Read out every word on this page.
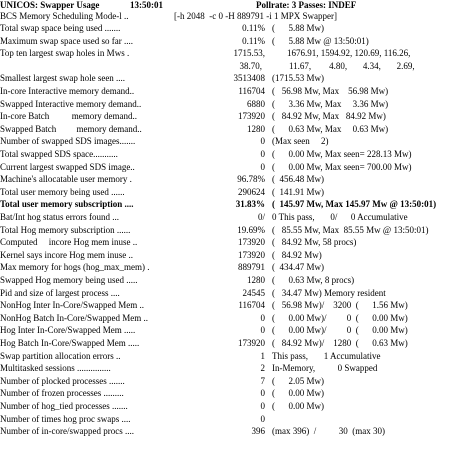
UNICOS: Swapper Usage

	13:50:01

	Pollrate: 3 Passes: INDEF

BCS Memory Scheduling Mode-l ..

	[-h 2048  -c 0 -H 889791 -i 1 MPX Swapper]

Total swap space being used .......	0.11% (      5.88 Mw)
Maximum swap space used so far ....	0.11% (      5.88 Mw @ 13:50:01)
Top ten largest swap holes in Mws .	1715.53, 1676.91, 1594.92, 120.69, 116.26,
38.70,	11.67,        4.80,       4.34,       2.69,
Smallest largest swap hole seen ....	3513408 (1715.53 Mw)
In-core Interactive memory demand..	116704 (   56.98 Mw, Max    56.98 Mw)
Swapped Interactive memory demand..	6880 (      3.36 Mw, Max     3.36 Mw)
In-core Batch          memory demand..	173920 (   84.92 Mw, Max   84.92 Mw)
Swapped Batch         memory demand..	1280 (      0.63 Mw, Max     0.63 Mw)
Number of swapped SDS images.......	0 (Max seen     2)
Total swapped SDS space...........	0 (      0.00 Mw, Max seen= 228.13 Mw)
Current largest swapped SDS image..	0 (      0.00 Mw, Max seen= 700.00 Mw)
Machine's allocatable user memory .	96.78% (  456.48 Mw)
Total user memory being used ......	290624 (  141.91 Mw)
Total user memory subscription ....	31.83% (  145.97 Mw, Max 145.97 Mw @ 13:50:01)
Bat/Int hog status errors found ...	0/ 0 This pass,       0/      0 Accumulative
Total Hog memory subscription ......	19.69% (   85.55 Mw, Max  85.55 Mw @ 13:50:01)
Computed     incore Hog mem inuse ..	173920 (   84.92 Mw, 58 procs)
Kernel says incore Hog mem inuse ..	173920 (   84.92 Mw)
Max memory for hogs (hog_max_mem) .	889791 (  434.47 Mw)
Swapped Hog memory being used .....	1280 (      0.63 Mw, 8 procs)
Pid and size of largest process ....	24545 (   34.47 Mw) Memory resident
NonHog Inter In-Core/Swapped Mem ..	116704 (   56.98 Mw)/    3200  (      1.56 Mw)
NonHog Batch In-Core/Swapped Mem ..	0 (      0.00 Mw)/         0  (      0.00 Mw)
Hog Inter In-Core/Swapped Mem .....	0 (      0.00 Mw)/         0  (      0.00 Mw)
Hog Batch In-Core/Swapped Mem .....	173920 (   84.92 Mw)/    1280  (      0.63 Mw)
Swap partition allocation errors ..	1 This pass,       1 Accumulative
Multitasked sessions ...............	2 In-Memory,          0 Swapped
Number of plocked processes .......	7 (      2.05 Mw)
Number of frozen processes .........	0 (      0.00 Mw)
Number of hog_tied processes .......	0 (      0.00 Mw)
Number of times hog proc swaps ....	0
Number of in-core/swapped procs ....	396 (max 396)  /          30  (max 30)
